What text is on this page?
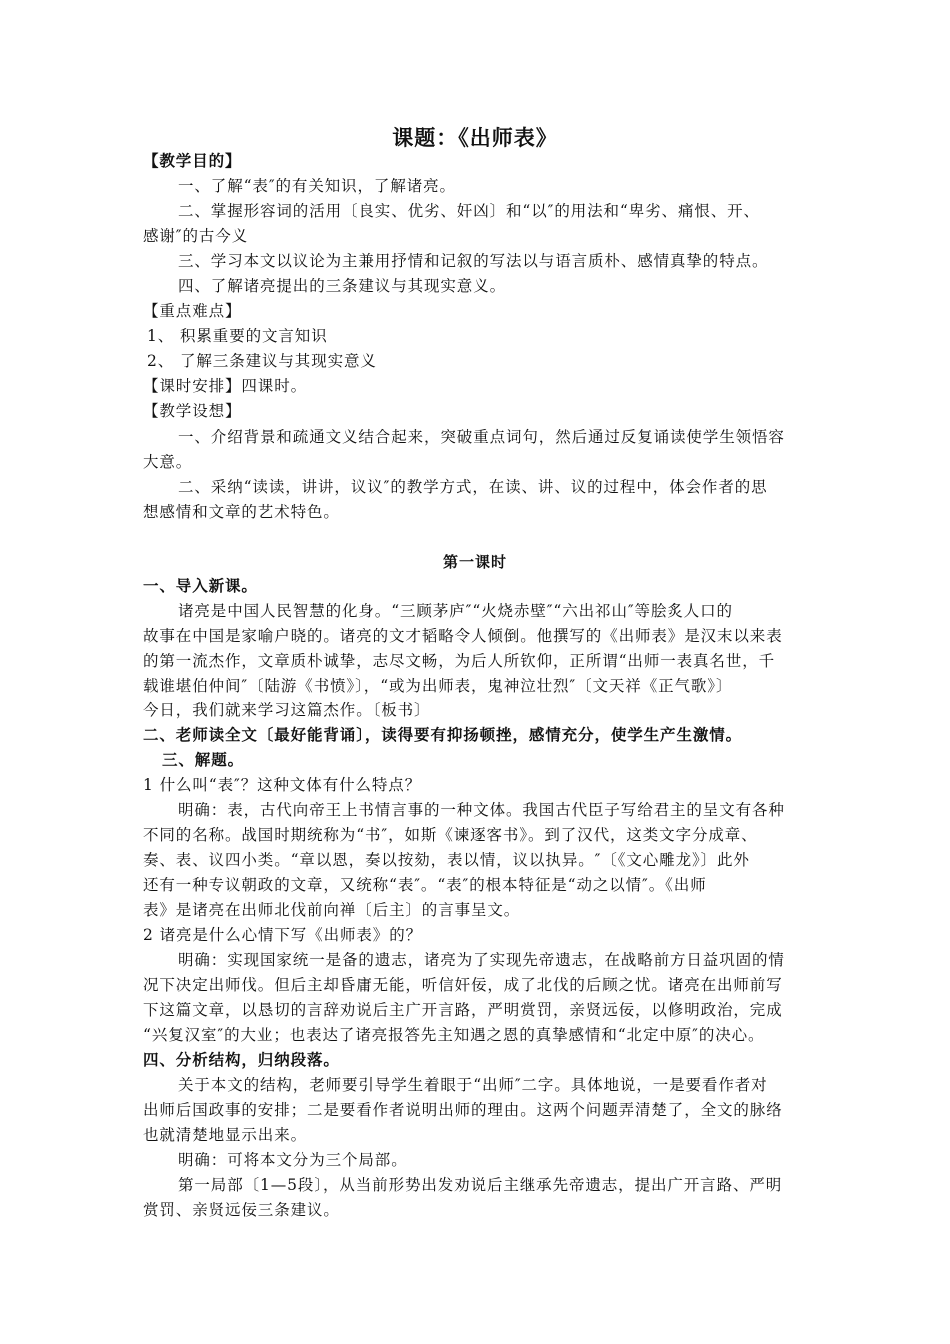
课题：《出师表》
【教学目的】
一、了解“表″的有关知识，了解诸亮。
二、掌握形容词的活用〔良实、优劣、奸凶〕和“以″的用法和“卑劣、痛恨、开、
感谢″的古今义
三、学习本文以议论为主兼用抒情和记叙的写法以与语言质朴、感情真挚的特点。
四、了解诸亮提出的三条建议与其现实意义。
【重点难点】
1、 积累重要的文言知识
2、 了解三条建议与其现实意义
【课时安排】四课时。
【教学设想】
一、介绍背景和疏通文义结合起来，突破重点词句，然后通过反复诵读使学生领悟容
大意。
二、采纳“读读，讲讲，议议″的教学方式，在读、讲、议的过程中，体会作者的思
想感情和文章的艺术特色。
第一课时
一、导入新课。
诸亮是中国人民智慧的化身。“三顾茅庐″“火烧赤壁″“六出祁山″等脍炙人口的
故事在中国是家喻户晓的。诸亮的文才韬略令人倾倒。他撰写的《出师表》是汉末以来表
的第一流杰作，文章质朴诚挚，志尽文畅，为后人所钦仰，正所谓“出师一表真名世，千
载谁堪伯仲间″〔陆游《书愤》〕，“或为出师表，鬼神泣壮烈″〔文天祥《正气歌》〕
今日，我们就来学习这篇杰作。〔板书〕
二、老师读全文〔最好能背诵〕，读得要有抑扬顿挫，感情充分，使学生产生激情。
三、解题。
1 什么叫“表″？这种文体有什么特点？
明确：表，古代向帝王上书情言事的一种文体。我国古代臣子写给君主的呈文有各种
不同的名称。战国时期统称为“书″，如斯《谏逐客书》。到了汉代，这类文字分成章、
奏、表、议四小类。“章以恩，奏以按劾，表以情，议以执异。″〔《文心雕龙》〕此外
还有一种专议朝政的文章，又统称“表″。“表″的根本特征是“动之以情″。《出师
表》是诸亮在出师北伐前向禅〔后主〕的言事呈文。
2 诸亮是什么心情下写《出师表》的？
明确：实现国家统一是备的遗志，诸亮为了实现先帝遗志，在战略前方日益巩固的情
况下决定出师伐。但后主却昏庸无能，听信奸佞，成了北伐的后顾之忧。诸亮在出师前写
下这篇文章，以恳切的言辞劝说后主广开言路，严明赏罚，亲贤远佞，以修明政治，完成
“兴复汉室″的大业；也表达了诸亮报答先主知遇之恩的真挚感情和“北定中原″的决心。
四、分析结构，归纳段落。
关于本文的结构，老师要引导学生着眼于“出师″二字。具体地说，一是要看作者对
出师后国政事的安排；二是要看作者说明出师的理由。这两个问题弄清楚了，全文的脉络
也就清楚地显示出来。
明确：可将本文分为三个局部。
第一局部〔1—5段〕，从当前形势出发劝说后主继承先帝遗志，提出广开言路、严明
赏罚、亲贤远佞三条建议。
